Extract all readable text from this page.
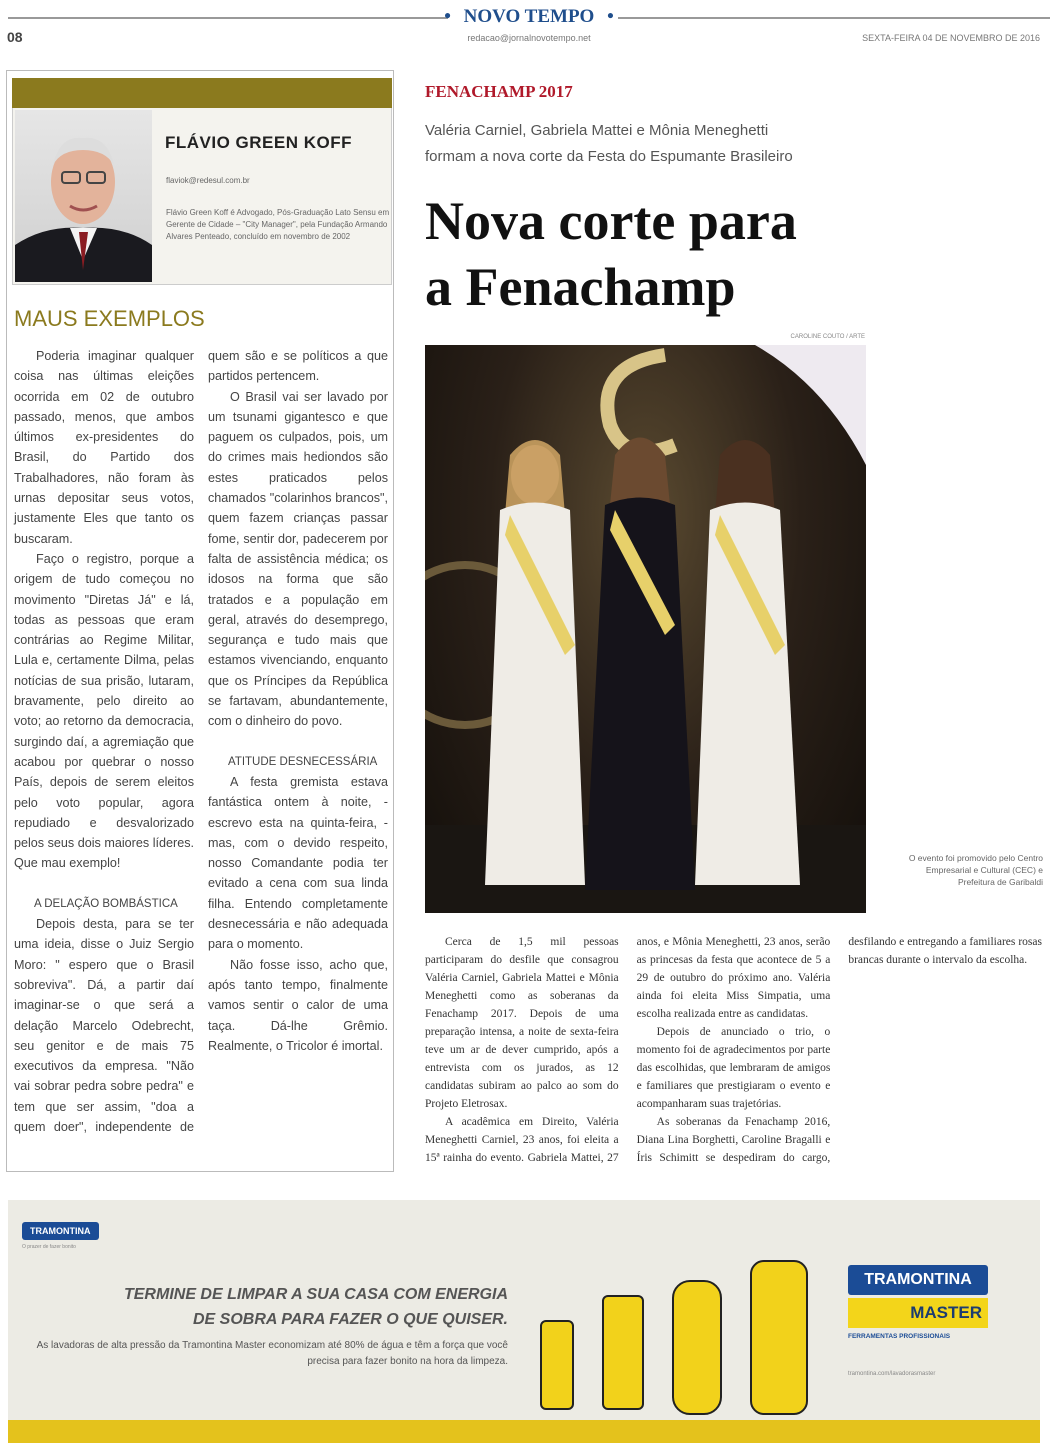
• NOVO TEMPO •
08	redacao@jornalnovotempo.net	SEXTA-FEIRA 04 DE NOVEMBRO DE 2016
FLÁVIO GREEN KOFF
flaviok@redesul.com.br
Flávio Green Koff é Advogado, Pós-Graduação Lato Sensu em Gerente de Cidade – "City Manager", pela Fundação Armando Alvares Penteado, concluído em novembro de 2002
MAUS EXEMPLOS

Poderia imaginar qualquer coisa nas últimas eleições ocorrida em 02 de outubro passado, menos, que ambos últimos ex-presidentes do Brasil, do Partido dos Trabalhadores, não foram às urnas depositar seus votos, justamente Eles que tanto os buscaram.

Faço o registro, porque a origem de tudo começou no movimento "Diretas Já" e lá, todas as pessoas que eram contrárias ao Regime Militar, Lula e, certamente Dilma, pelas notícias de sua prisão, lutaram, bravamente, pelo direito ao voto; ao retorno da democracia, surgindo daí, a agremiação que acabou por quebrar o nosso País, depois de serem eleitos pelo voto popular, agora repudiado e desvalorizado pelos seus dois maiores líderes. Que mau exemplo!

A DELAÇÃO BOMBÁSTICA

Depois desta, para se ter uma ideia, disse o Juiz Sergio Moro: " espero que o Brasil sobreviva". Dá, a partir daí imaginar-se o que será a delação Marcelo Odebrecht, seu genitor e de mais 75 executivos da empresa. "Não vai sobrar pedra sobre pedra" e tem que ser assim, "doa a quem doer", independente de quem são e se políticos a que partidos pertencem.

O Brasil vai ser lavado por um tsunami gigantesco e que paguem os culpados, pois, um do crimes mais hediondos são estes praticados pelos chamados "colarinhos brancos", quem fazem crianças passar fome, sentir dor, padecerem por falta de assistência médica; os idosos na forma que são tratados e a população em geral, através do desemprego, segurança e tudo mais que estamos vivenciando, enquanto que os Príncipes da República se fartavam, abundantemente, com o dinheiro do povo.

ATITUDE DESNECESSÁRIA

A festa gremista estava fantástica ontem à noite, - escrevo esta na quinta-feira, - mas, com o devido respeito, nosso Comandante podia ter evitado a cena com sua linda filha. Entendo completamente desnecessária e não adequada para o momento.

Não fosse isso, acho que, após tanto tempo, finalmente vamos sentir o calor de uma taça. Dá-lhe Grêmio. Realmente, o Tricolor é imortal.

FENACHAMP 2017
Valéria Carniel, Gabriela Mattei e Mônia Meneghetti
formam a nova corte da Festa do Espumante Brasileiro
Nova corte para
a Fenachamp
CAROLINE COUTO / ARTE
O evento foi promovido pelo Centro Empresarial e Cultural (CEC) e Prefeitura de Garibaldi

Cerca de 1,5 mil pessoas participaram do desfile que consagrou Valéria Carniel, Gabriela Mattei e Mônia Meneghetti como as soberanas da Fenachamp 2017. Depois de uma preparação intensa, a noite de sexta-feira teve um ar de dever cumprido, após a entrevista com os jurados, as 12 candidatas subiram ao palco ao som do Projeto Eletrosax.

A acadêmica em Direito, Valéria Meneghetti Carniel, 23 anos, foi eleita a 15ª rainha do evento. Gabriela Mattei, 27 anos, e Mônia Meneghetti, 23 anos, serão as princesas da festa que acontece de 5 a 29 de outubro do próximo ano. Valéria ainda foi eleita Miss Simpatia, uma escolha realizada entre as candidatas.

Depois de anunciado o trio, o momento foi de agradecimentos por parte das escolhidas, que lembraram de amigos e familiares que prestigiaram o evento e acompanharam suas trajetórias.

As soberanas da Fenachamp 2016, Diana Lina Borghetti, Caroline Bragalli e Íris Schimitt se despediram do cargo, desfilando e entregando a familiares rosas brancas durante o intervalo da escolha.

TRAMONTINA
O prazer de fazer bonito
TERMINE DE LIMPAR A SUA CASA COM ENERGIA
DE SOBRA PARA FAZER O QUE QUISER.
As lavadoras de alta pressão da Tramontina Master economizam até 80% de água e têm a força que você precisa para fazer bonito na hora da limpeza.
TRAMONTINA
MASTER
FERRAMENTAS PROFISSIONAIS
tramontina.com/lavadorasmaster
